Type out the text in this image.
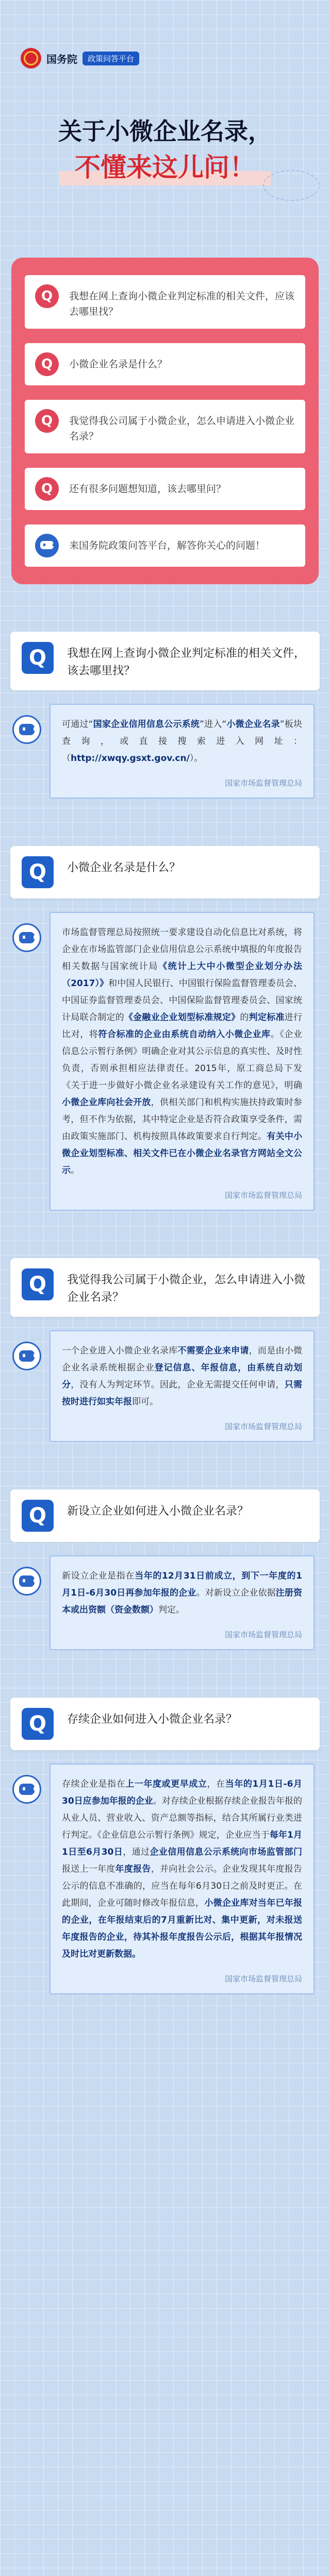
国务院	政策问答平台
关于小微企业名录，
不懂来这儿问！
Q	我想在网上查询小微企业判定标准的相关文件，应该去哪里找？
Q	小微企业名录是什么？
Q	我觉得我公司属于小微企业，怎么申请进入小微企业名录？
Q	还有很多问题想知道，该去哪里问？
来国务院政策问答平台，解答你关心的问题！
Q	我想在网上查询小微企业判定标准的相关文件，该去哪里找？
可通过“国家企业信用信息公示系统”进入“小微企业名录”板块查询，或直接搜索进入网址：（http://xwqy.gsxt.gov.cn/）。
国家市场监督管理总局
Q	小微企业名录是什么？
市场监督管理总局按照统一要求建设自动化信息比对系统，将企业在市场监管部门企业信用信息公示系统中填报的年度报告相关数据与国家统计局《统计上大中小微型企业划分办法（2017）》和中国人民银行、中国银行保险监督管理委员会、中国证券监督管理委员会、中国保险监督管理委员会、国家统计局联合制定的《金融业企业划型标准规定》的判定标准进行比对，将符合标准的企业由系统自动纳入小微企业库。《企业信息公示暂行条例》明确企业对其公示信息的真实性、及时性负责，否则承担相应法律责任。2015年，原工商总局下发《关于进一步做好小微企业名录建设有关工作的意见》，明确小微企业库向社会开放，供相关部门和机构实施扶持政策时参考，但不作为依据，其中特定企业是否符合政策享受条件，需由政策实施部门、机构按照具体政策要求自行判定。有关中小微企业划型标准、相关文件已在小微企业名录官方网站全文公示。
国家市场监督管理总局
Q	我觉得我公司属于小微企业，怎么申请进入小微企业名录？
一个企业进入小微企业名录库不需要企业来申请，而是由小微企业名录系统根据企业登记信息、年报信息，由系统自动划分，没有人为判定环节。因此，企业无需提交任何申请，只需按时进行如实年报即可。
国家市场监督管理总局
Q	新设立企业如何进入小微企业名录？
新设立企业是指在当年的12月31日前成立，到下一年度的1月1日-6月30日再参加年报的企业。对新设立企业依据注册资本或出资额（资金数额）判定。
国家市场监督管理总局
Q	存续企业如何进入小微企业名录？
存续企业是指在上一年度或更早成立，在当年的1月1日-6月30日应参加年报的企业。对存续企业根据存续企业报告年报的从业人员、营业收入、资产总额等指标，结合其所属行业类进行判定。《企业信息公示暂行条例》规定，企业应当于每年1月1日至6月30日，通过企业信用信息公示系统向市场监管部门报送上一年度年度报告，并向社会公示。企业发现其年度报告公示的信息不准确的，应当在每年6月30日之前及时更正。在此期间，企业可随时修改年报信息，小微企业库对当年已年报的企业，在年报结束后的7月重新比对、集中更新，对未报送年度报告的企业，待其补报年度报告公示后，根据其年报情况及时比对更新数据。
国家市场监督管理总局
